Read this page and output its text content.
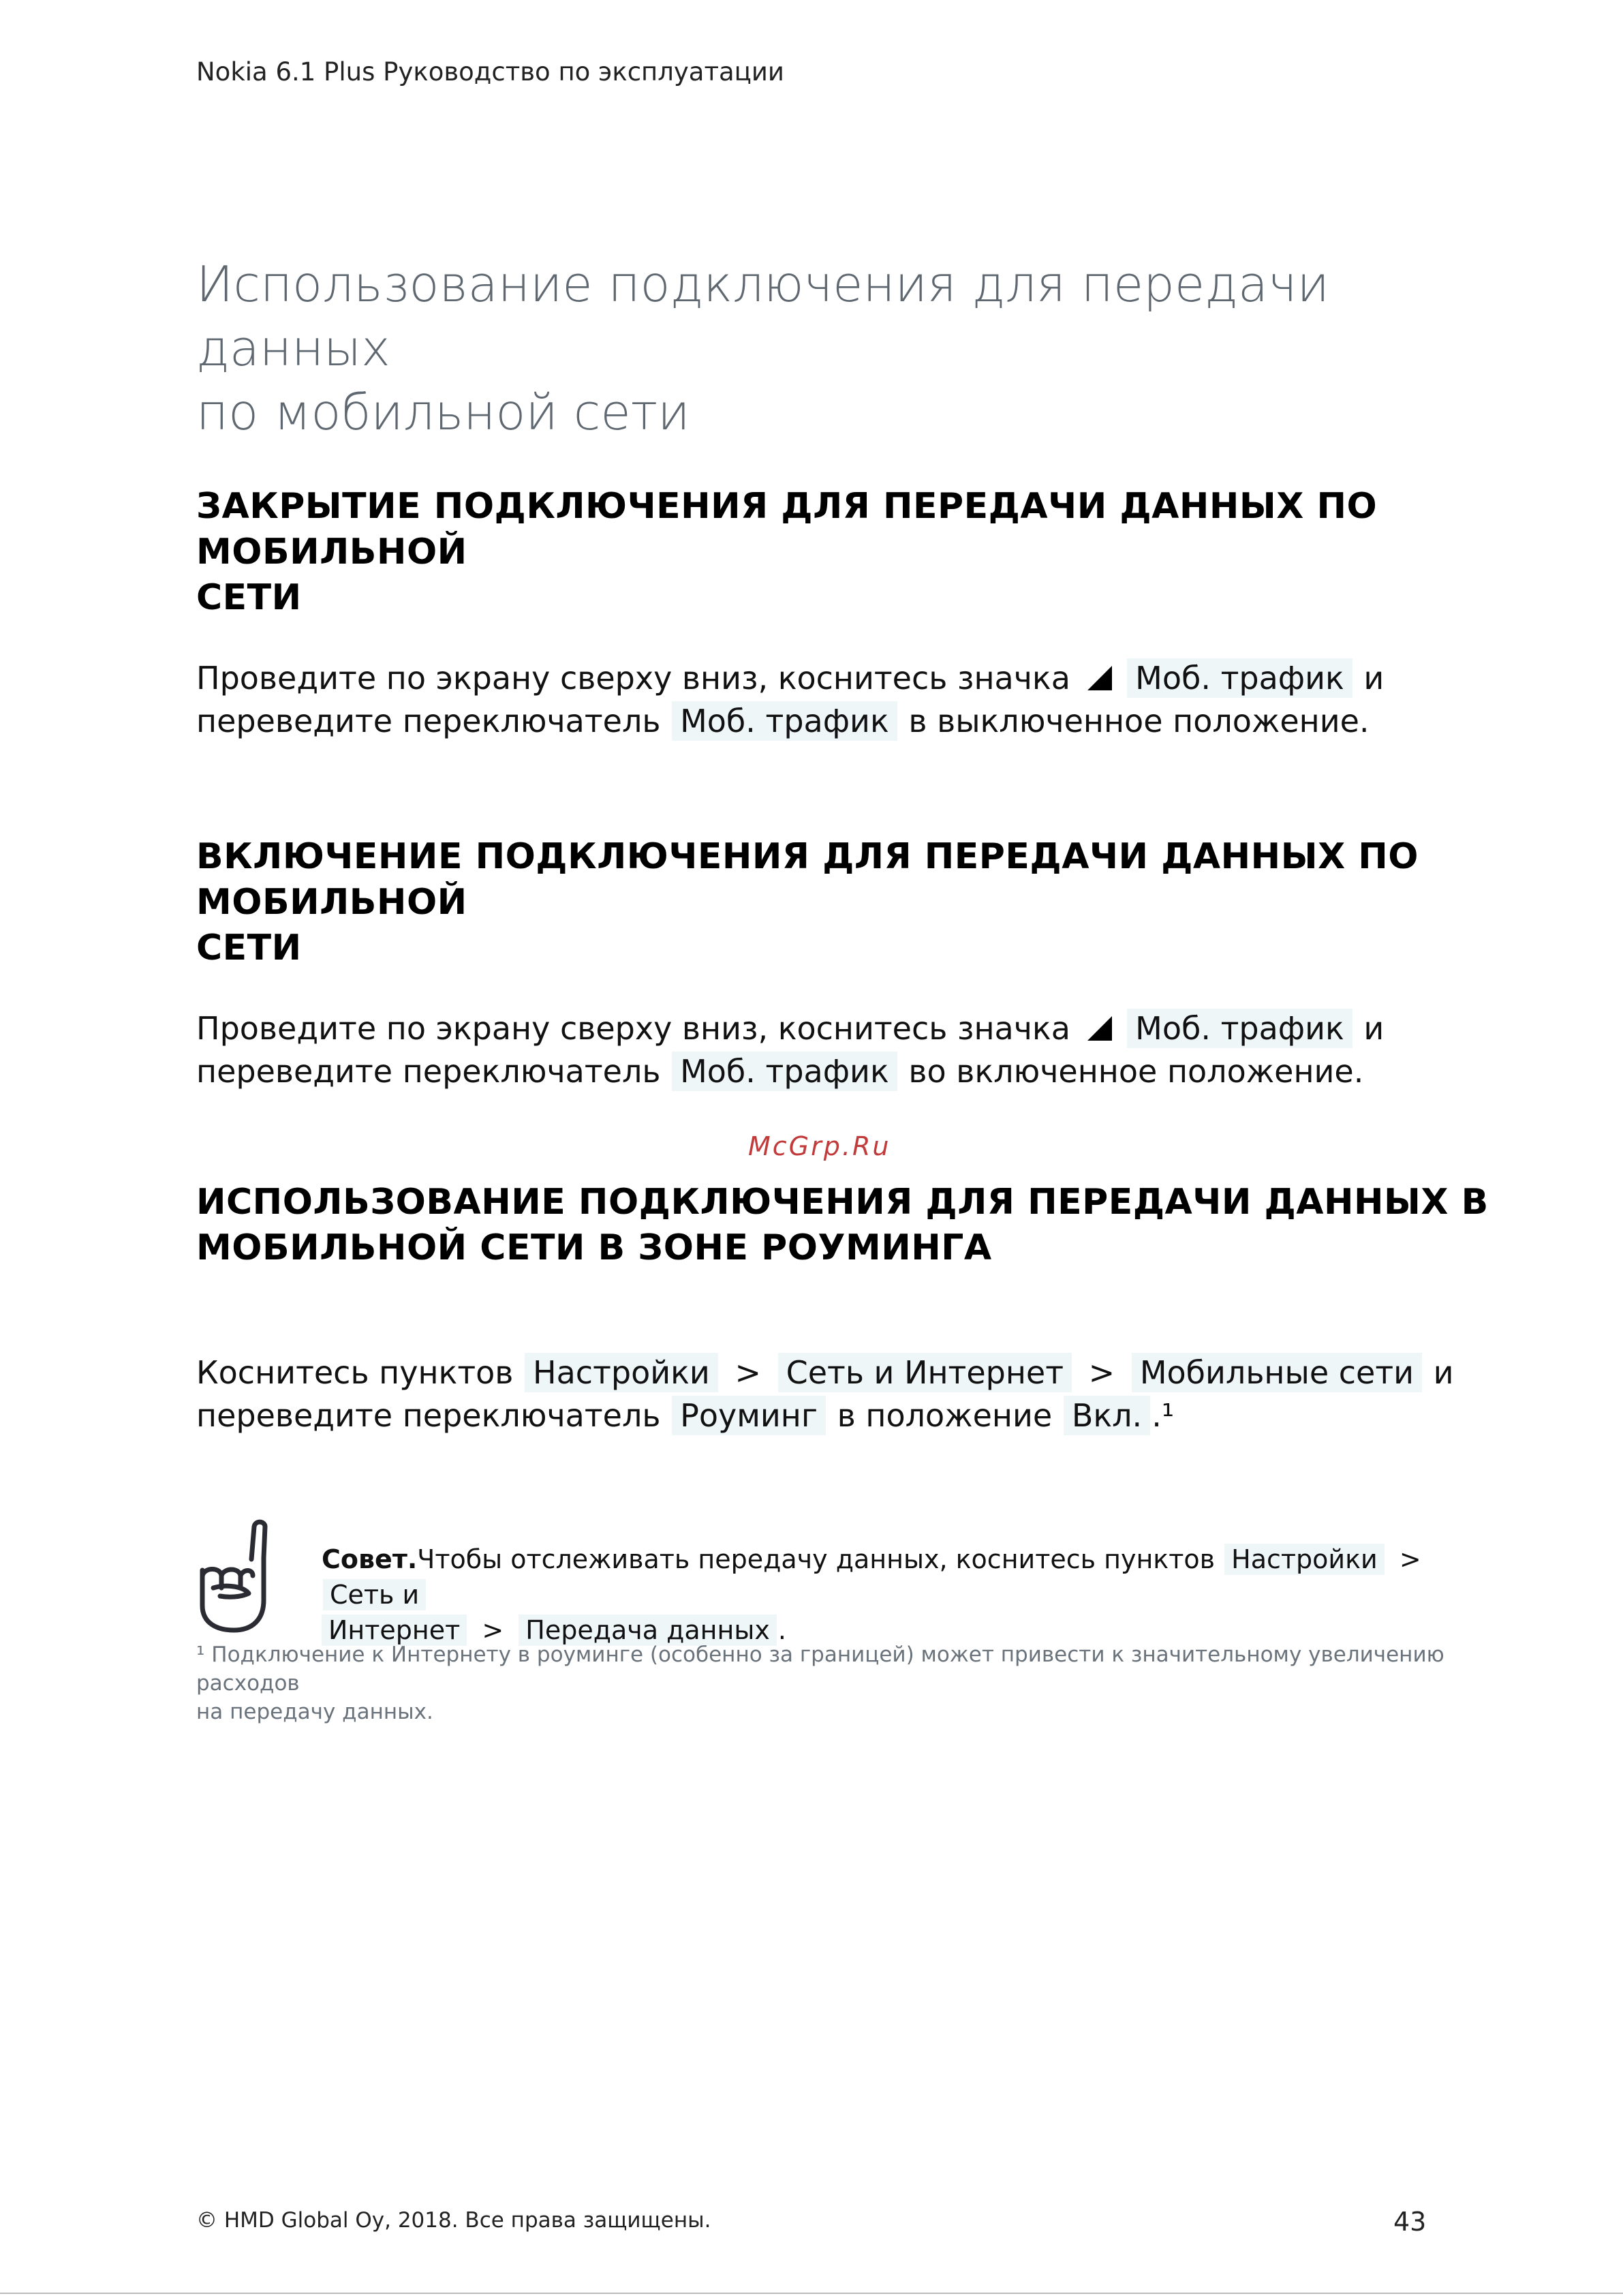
Nokia 6.1 Plus Руководство по эксплуатации
Использование подключения для передачи данных
по мобильной сети
ЗАКРЫТИЕ ПОДКЛЮЧЕНИЯ ДЛЯ ПЕРЕДАЧИ ДАННЫХ ПО МОБИЛЬНОЙ
СЕТИ
Проведите по экрану сверху вниз, коснитесь значка Моб. трафик и
переведите переключатель Моб. трафик в выключенное положение.
ВКЛЮЧЕНИЕ ПОДКЛЮЧЕНИЯ ДЛЯ ПЕРЕДАЧИ ДАННЫХ ПО МОБИЛЬНОЙ
СЕТИ
Проведите по экрану сверху вниз, коснитесь значка Моб. трафик и
переведите переключатель Моб. трафик во включенное положение.
McGrp.Ru
ИСПОЛЬЗОВАНИЕ ПОДКЛЮЧЕНИЯ ДЛЯ ПЕРЕДАЧИ ДАННЫХ В
МОБИЛЬНОЙ СЕТИ В ЗОНЕ РОУМИНГА
Коснитесь пунктов Настройки > Сеть и Интернет > Мобильные сети и
переведите переключатель Роуминг в положение Вкл. .¹
Совет.Чтобы отслеживать передачу данных, коснитесь пунктов Настройки > Сеть и
Интернет > Передача данных .
¹ Подключение к Интернету в роуминге (особенно за границей) может привести к значительному увеличению расходов
на передачу данных.
© HMD Global Oy, 2018. Все права защищены.	43
